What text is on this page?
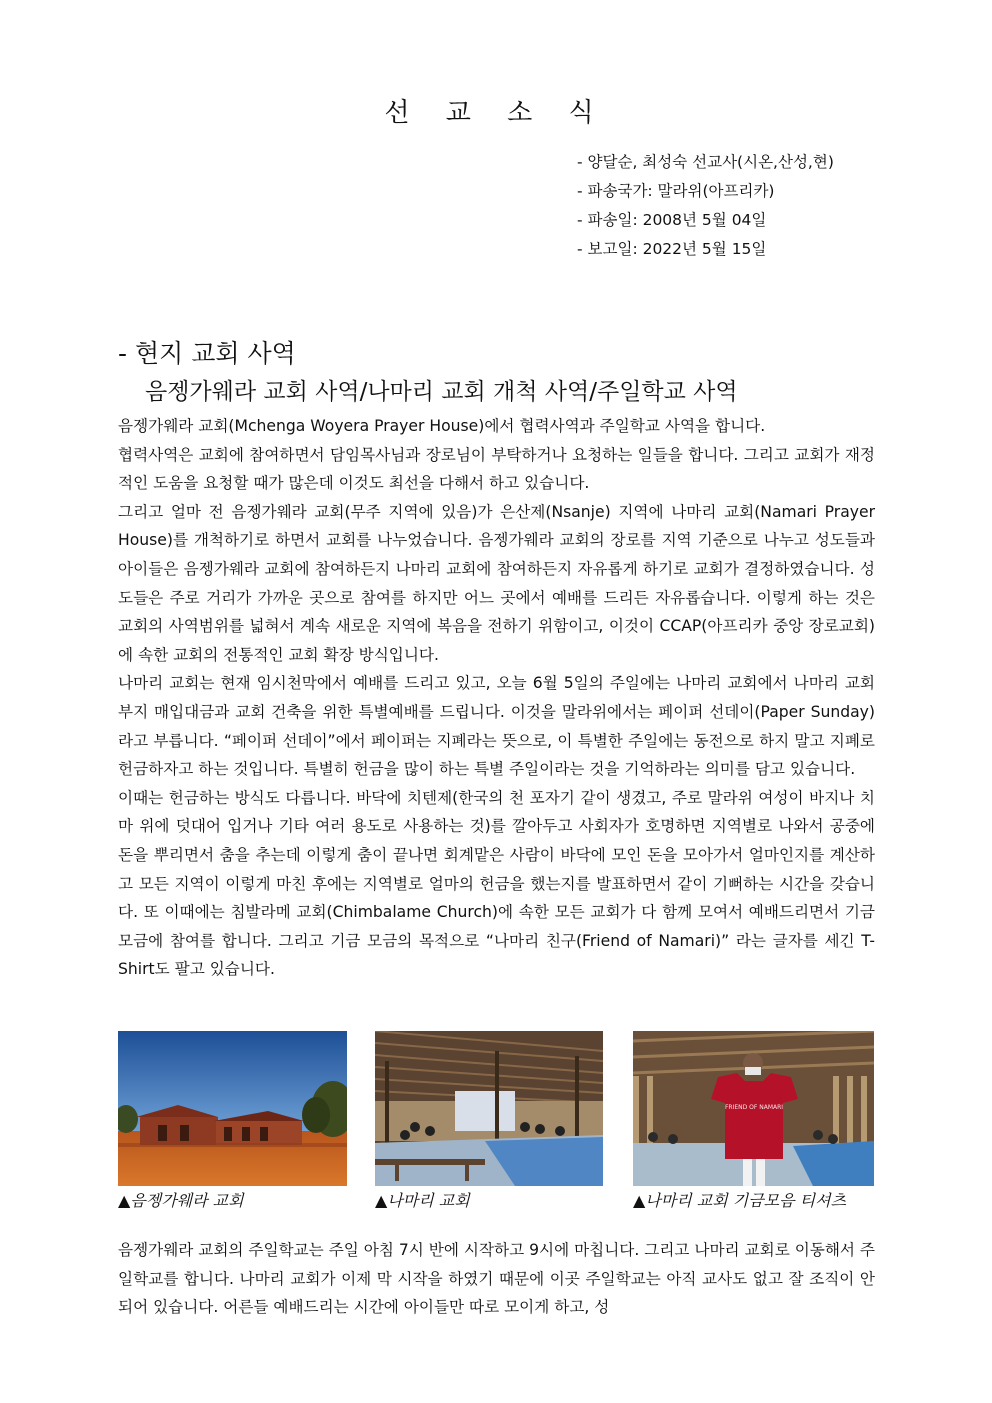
선 교 소 식
- 양달순, 최성숙 선교사(시온,산성,현)
- 파송국가: 말라위(아프리카)
- 파송일: 2008년 5월 04일
- 보고일: 2022년 5월 15일
- 현지 교회 사역
음젱가웨라 교회 사역/나마리 교회 개척 사역/주일학교 사역

음젱가웨라 교회(Mchenga Woyera Prayer House)에서 협력사역과 주일학교 사역을 합니다.

협력사역은 교회에 참여하면서 담임목사님과 장로님이 부탁하거나 요청하는 일들을 합니다. 그리고 교회가 재정적인 도움을 요청할 때가 많은데 이것도 최선을 다해서 하고 있습니다.

그리고 얼마 전 음젱가웨라 교회(무주 지역에 있음)가 은산제(Nsanje) 지역에 나마리 교회(Namari Prayer House)를 개척하기로 하면서 교회를 나누었습니다. 음젱가웨라 교회의 장로를 지역 기준으로 나누고 성도들과 아이들은 음젱가웨라 교회에 참여하든지 나마리 교회에 참여하든지 자유롭게 하기로 교회가 결정하였습니다. 성도들은 주로 거리가 가까운 곳으로 참여를 하지만 어느 곳에서 예배를 드리든 자유롭습니다. 이렇게 하는 것은 교회의 사역범위를 넓혀서 계속 새로운 지역에 복음을 전하기 위함이고, 이것이 CCAP(아프리카 중앙 장로교회)에 속한 교회의 전통적인 교회 확장 방식입니다.

나마리 교회는 현재 임시천막에서 예배를 드리고 있고, 오늘 6월 5일의 주일에는 나마리 교회에서 나마리 교회 부지 매입대금과 교회 건축을 위한 특별예배를 드립니다. 이것을 말라위에서는 페이퍼 선데이(Paper Sunday)라고 부릅니다. “페이퍼 선데이”에서 페이퍼는 지폐라는 뜻으로, 이 특별한 주일에는 동전으로 하지 말고 지폐로 헌금하자고 하는 것입니다. 특별히 헌금을 많이 하는 특별 주일이라는 것을 기억하라는 의미를 담고 있습니다.

이때는 헌금하는 방식도 다릅니다. 바닥에 치텐제(한국의 천 포자기 같이 생겼고, 주로 말라위 여성이 바지나 치마 위에 덧대어 입거나 기타 여러 용도로 사용하는 것)를 깔아두고 사회자가 호명하면 지역별로 나와서 공중에 돈을 뿌리면서 춤을 추는데 이렇게 춤이 끝나면 회계맡은 사람이 바닥에 모인 돈을 모아가서 얼마인지를 계산하고 모든 지역이 이렇게 마친 후에는 지역별로 얼마의 헌금을 했는지를 발표하면서 같이 기뻐하는 시간을 갖습니다. 또 이때에는 침발라메 교회(Chimbalame Church)에 속한 모든 교회가 다 함께 모여서 예배드리면서 기금 모금에 참여를 합니다. 그리고 기금 모금의 목적으로 “나마리 친구(Friend of Namari)” 라는 글자를 세긴 T-Shirt도 팔고 있습니다.

▲음젱가웨라 교회	▲나마리 교회
FRIEND OF NAMARI
▲나마리 교회 기금모음 티셔츠

음젱가웨라 교회의 주일학교는 주일 아침 7시 반에 시작하고 9시에 마칩니다. 그리고 나마리 교회로 이동해서 주일학교를 합니다. 나마리 교회가 이제 막 시작을 하였기 때문에 이곳 주일학교는 아직 교사도 없고 잘 조직이 안되어 있습니다. 어른들 예배드리는 시간에 아이들만 따로 모이게 하고, 성
